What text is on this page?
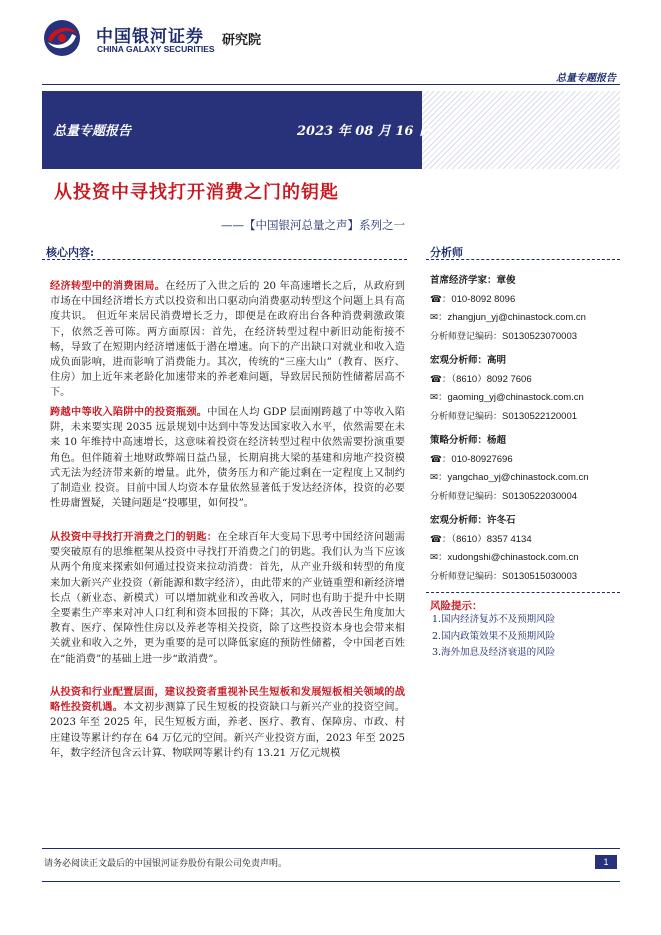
中国银河证券
CHINA GALAXY SECURITIES
研究院
总量专题报告
总量专题报告	2023 年 08 月 16 日
从投资中寻找打开消费之门的钥匙
——【中国银河总量之声】系列之一
核心内容:
经济转型中的消费困局。在经历了入世之后的 20 年高速增长之后，从政府到市场在中国经济增长方式以投资和出口驱动向消费驱动转型这个问题上具有高度共识。 但近年来居民消费增长乏力，即便是在政府出台各种消费刺激政策下，依然乏善可陈。两方面原因：首先，在经济转型过程中新旧动能衔接不畅，导致了在短期内经济增速低于潜在增速。向下的产出缺口对就业和收入造成负面影响，进而影响了消费能力。其次，传统的“三座大山”（教育、医疗、住房）加上近年来老龄化加速带来的养老难问题，导致居民预防性储蓄居高不下。
跨越中等收入陷阱中的投资瓶颈。中国在人均 GDP 层面刚跨越了中等收入陷阱，未来要实现 2035 远景规划中达到中等发达国家收入水平，依然需要在未来 10 年维持中高速增长，这意味着投资在经济转型过程中依然需要扮演重要角色。但伴随着土地财政弊端日益凸显，长期肩挑大梁的基建和房地产投资模式无法为经济带来新的增量。此外，债务压力和产能过剩在一定程度上又制约了制造业 投资。目前中国人均资本存量依然显著低于发达经济体，投资的必要性毋庸置疑，关键问题是“投哪里，如何投”。
从投资中寻找打开消费之门的钥匙：在全球百年大变局下思考中国经济问题需要突破原有的思维框架从投资中寻找打开消费之门的钥匙。我们认为当下应该从两个角度来探索如何通过投资来拉动消费：首先，从产业升级和转型的角度来加大新兴产业投资（新能源和数字经济），由此带来的产业链重塑和新经济增长点（新业态、新模式）可以增加就业和改善收入，同时也有助于提升中长期全要素生产率来对冲人口红利和资本回报的下降；其次，从改善民生角度加大教育、医疗、保障性住房以及养老等相关投资，除了这些投资本身也会带来相关就业和收入之外，更为重要的是可以降低家庭的预防性储蓄，令中国老百姓在“能消费”的基础上进一步“敢消费”。
从投资和行业配置层面，建议投资者重视补民生短板和发展短板相关领域的战略性投资机遇。本文初步测算了民生短板的投资缺口与新兴产业的投资空间。2023 年至 2025 年，民生短板方面，养老、医疗、教育、保障房、市政、村庄建设等累计约存在 64 万亿元的空间。新兴产业投资方面，2023 年至 2025 年，数字经济包含云计算、物联网等累计约有 13.21 万亿元规模
分析师
首席经济学家：章俊
☎：010-8092 8096
✉：zhangjun_yj@chinastock.com.cn
分析师登记编码：S0130523070003
宏观分析师：高明
☎：（8610）8092 7606
✉：gaoming_yj@chinastock.com.cn
分析师登记编码：S0130522120001
策略分析师：杨超
☎：010-80927696
✉：yangchao_yj@chinastock.com.cn
分析师登记编码：S0130522030004
宏观分析师：许冬石
☎：（8610）8357 4134
✉：xudongshi@chinastock.com.cn
分析师登记编码：S0130515030003
风险提示：
1.国内经济复苏不及预期风险
2.国内政策效果不及预期风险
3.海外加息及经济衰退的风险
请务必阅读正文最后的中国银河证券股份有限公司免责声明。	1
